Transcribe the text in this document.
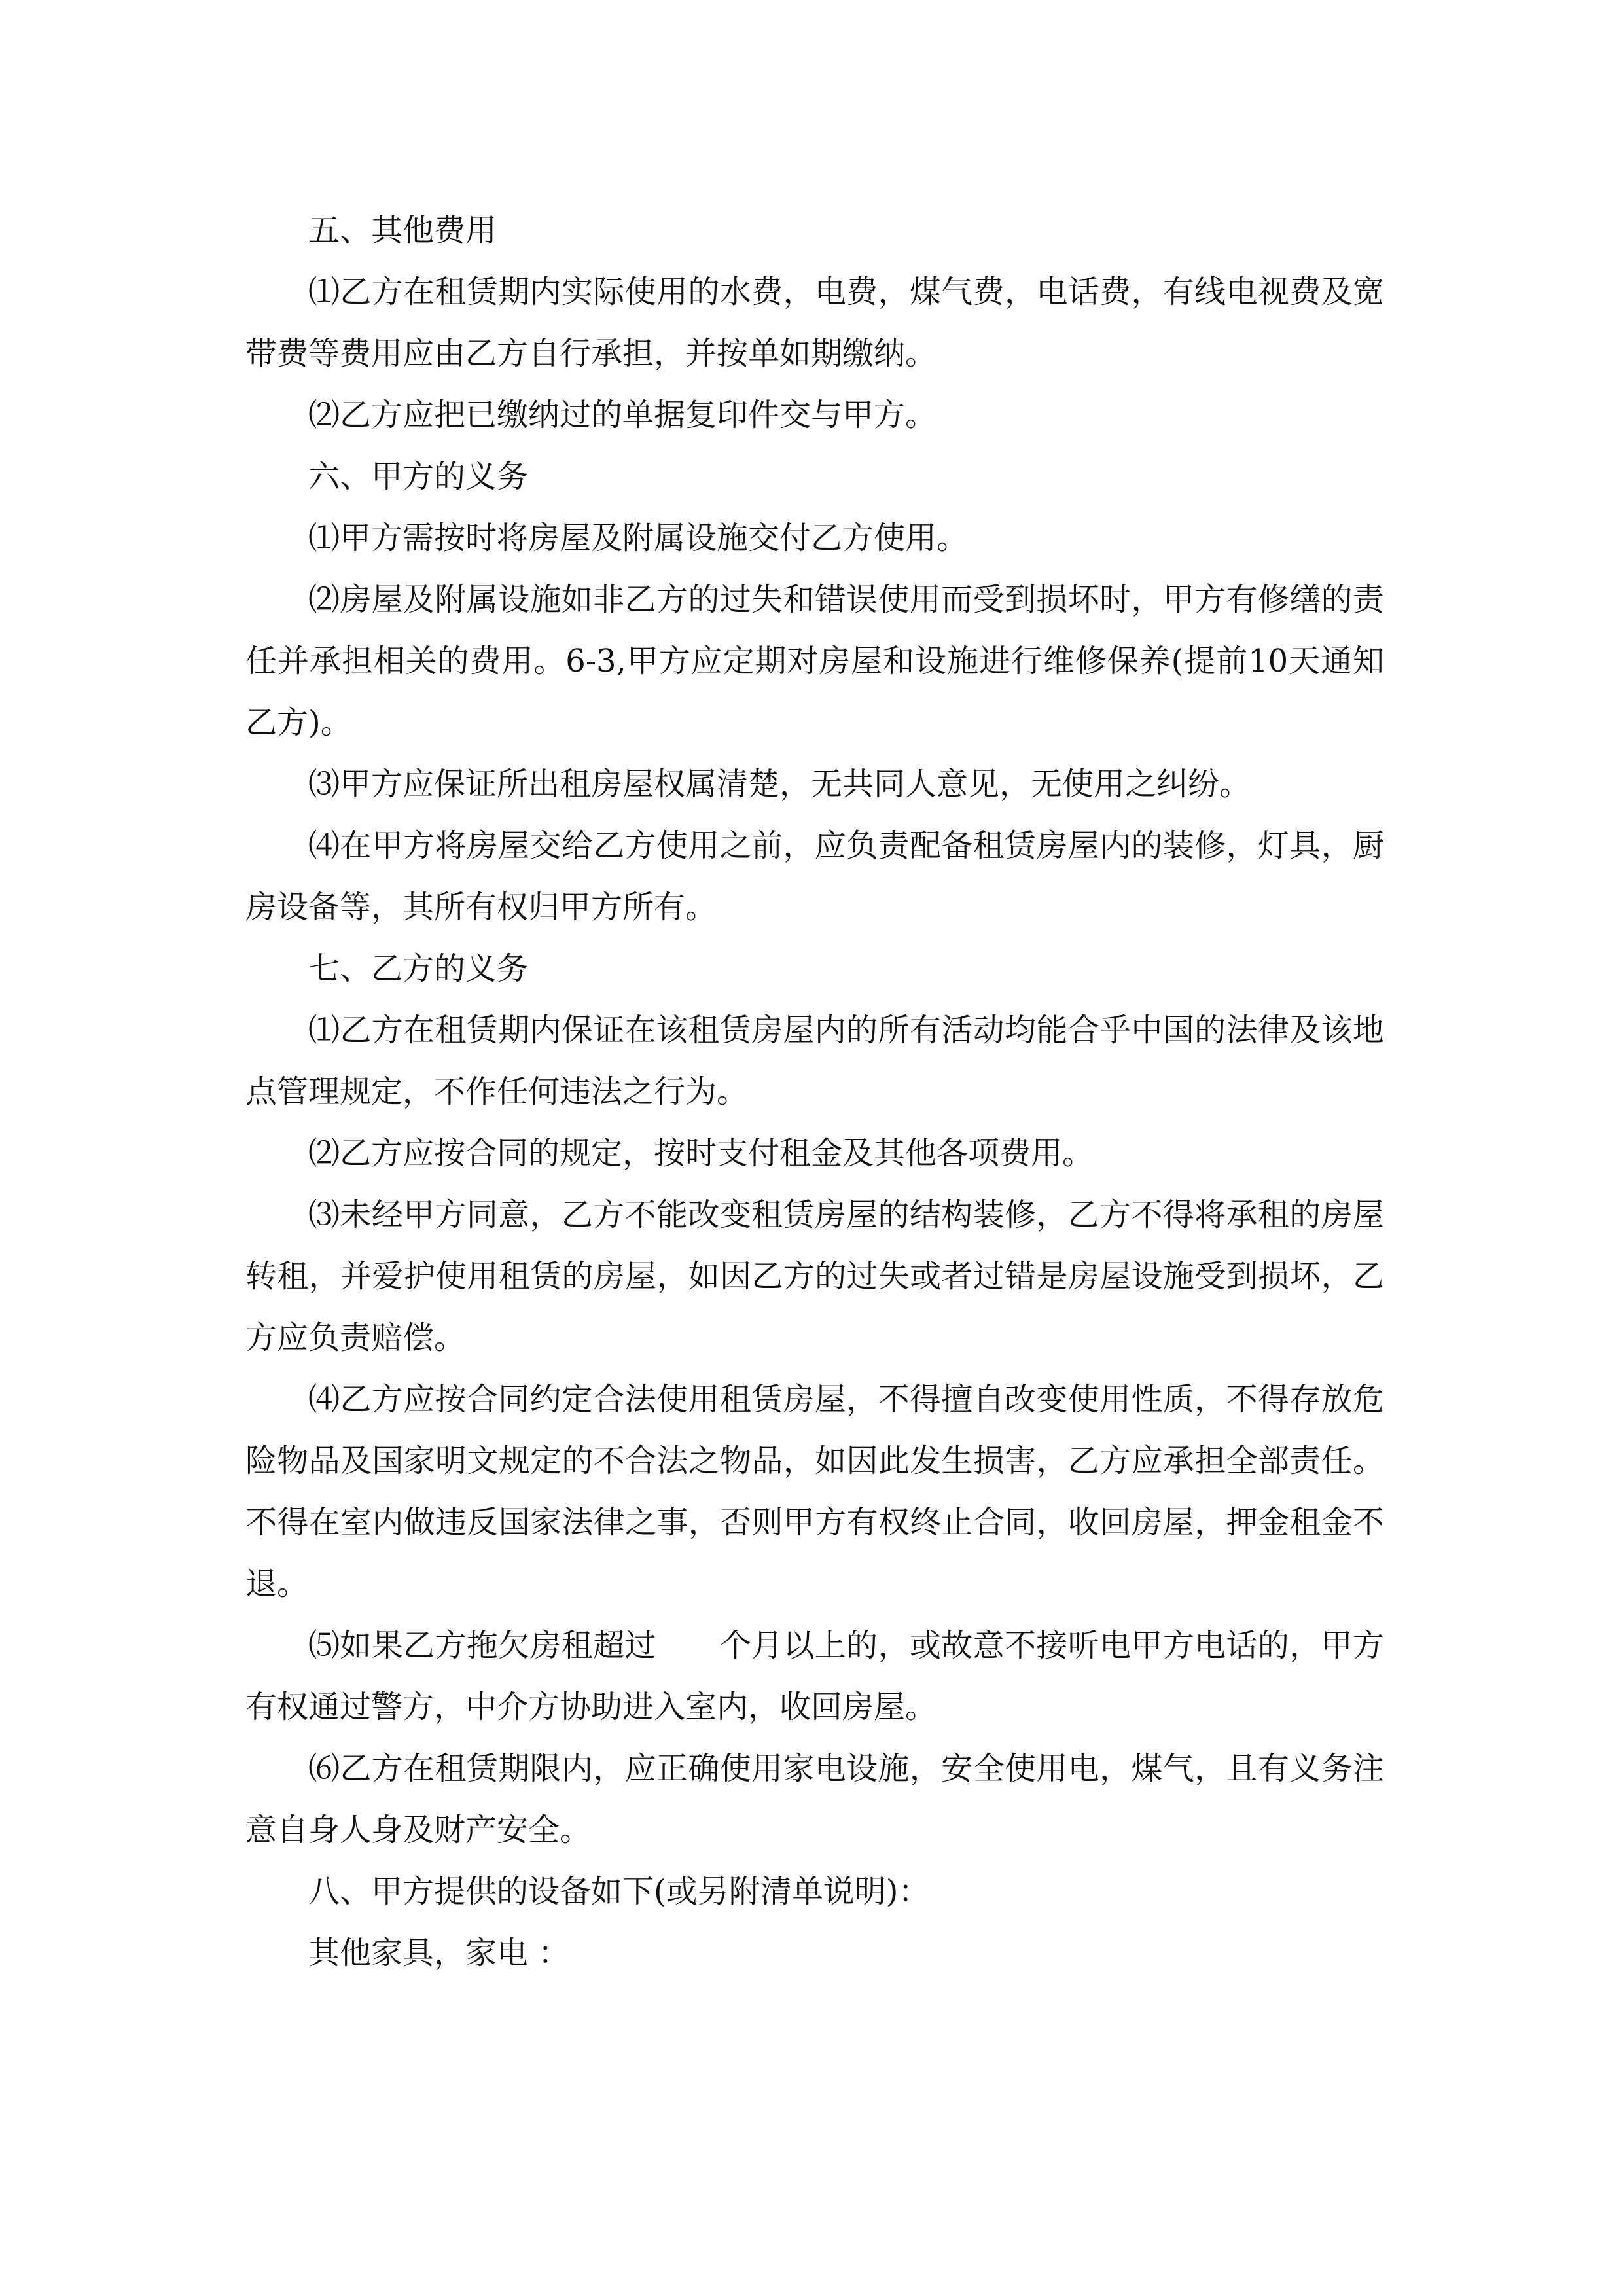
五、其他费用

⑴乙方在租赁期内实际使用的水费，电费，煤气费，电话费，有线电视费及宽带费等费用应由乙方自行承担，并按单如期缴纳。

⑵乙方应把已缴纳过的单据复印件交与甲方。

六、甲方的义务

⑴甲方需按时将房屋及附属设施交付乙方使用。

⑵房屋及附属设施如非乙方的过失和错误使用而受到损坏时，甲方有修缮的责任并承担相关的费用。6-3,甲方应定期对房屋和设施进行维修保养(提前10天通知乙方)。

⑶甲方应保证所出租房屋权属清楚，无共同人意见，无使用之纠纷。

⑷在甲方将房屋交给乙方使用之前，应负责配备租赁房屋内的装修，灯具，厨房设备等，其所有权归甲方所有。

七、乙方的义务

⑴乙方在租赁期内保证在该租赁房屋内的所有活动均能合乎中国的法律及该地点管理规定，不作任何违法之行为。

⑵乙方应按合同的规定，按时支付租金及其他各项费用。

⑶未经甲方同意，乙方不能改变租赁房屋的结构装修，乙方不得将承租的房屋转租，并爱护使用租赁的房屋，如因乙方的过失或者过错是房屋设施受到损坏，乙方应负责赔偿。

⑷乙方应按合同约定合法使用租赁房屋，不得擅自改变使用性质，不得存放危险物品及国家明文规定的不合法之物品，如因此发生损害，乙方应承担全部责任。不得在室内做违反国家法律之事，否则甲方有权终止合同，收回房屋，押金租金不退。

⑸如果乙方拖欠房租超过　　个月以上的，或故意不接听电甲方电话的，甲方有权通过警方，中介方协助进入室内，收回房屋。

⑹乙方在租赁期限内，应正确使用家电设施，安全使用电，煤气，且有义务注意自身人身及财产安全。

八、甲方提供的设备如下(或另附清单说明)：

其他家具，家电 ：
